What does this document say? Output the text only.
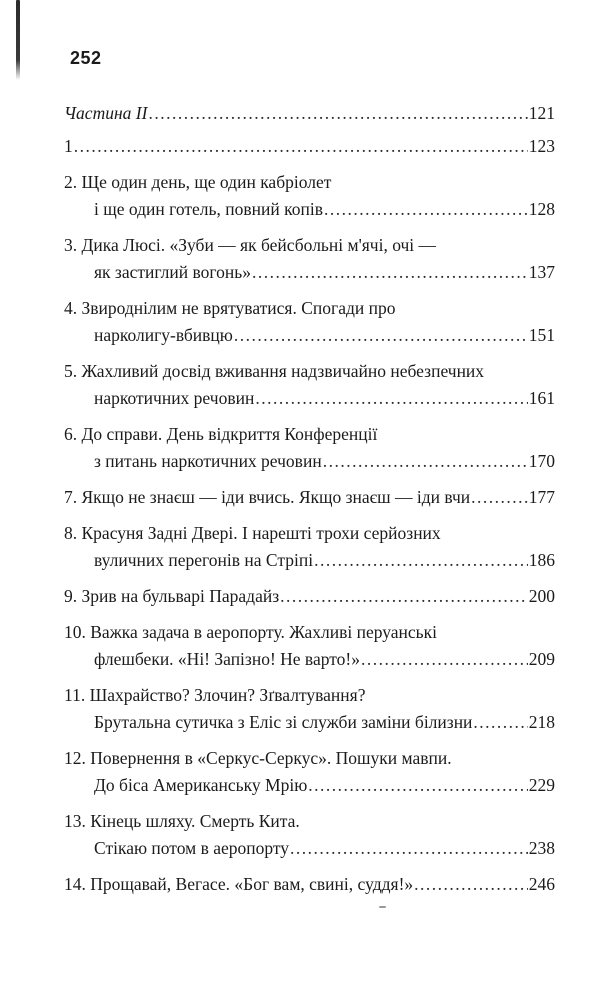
252
Частина II .....	121
1 .....	123
2. Ще один день, ще один кабріолет
і ще один готель, повний копів .....	128
3. Дика Люсі. «Зуби — як бейсбольні м'ячі, очі —
як застиглий вогонь» .....	137
4. Звироднілим не врятуватися. Спогади про
нарколигу-вбивцю .....	151
5. Жахливий досвід вживання надзвичайно небезпечних
наркотичних речовин .....	161
6. До справи. День відкриття Конференції
з питань наркотичних речовин .....	170
7. Якщо не знаєш — іди вчись. Якщо знаєш — іди вчи .....	177
8. Красуня Задні Двері. І нарешті трохи серйозних
вуличних перегонів на Стріпі .....	186
9. Зрив на бульварі Парадайз .....	200
10. Важка задача в аеропорту. Жахливі перуанські
флешбеки. «Ні! Запізно! Не варто!» .....	209
11. Шахрайство? Злочин? Зґвалтування?
Брутальна сутичка з Еліс зі служби заміни білизни .....	218
12. Повернення в «Серкус-Серкус». Пошуки мавпи.
До біса Американську Мрію .....	229
13. Кінець шляху. Смерть Кита.
Стікаю потом в аеропорту .....	238
14. Прощавай, Вегасе. «Бог вам, свині, суддя!» .....	246
